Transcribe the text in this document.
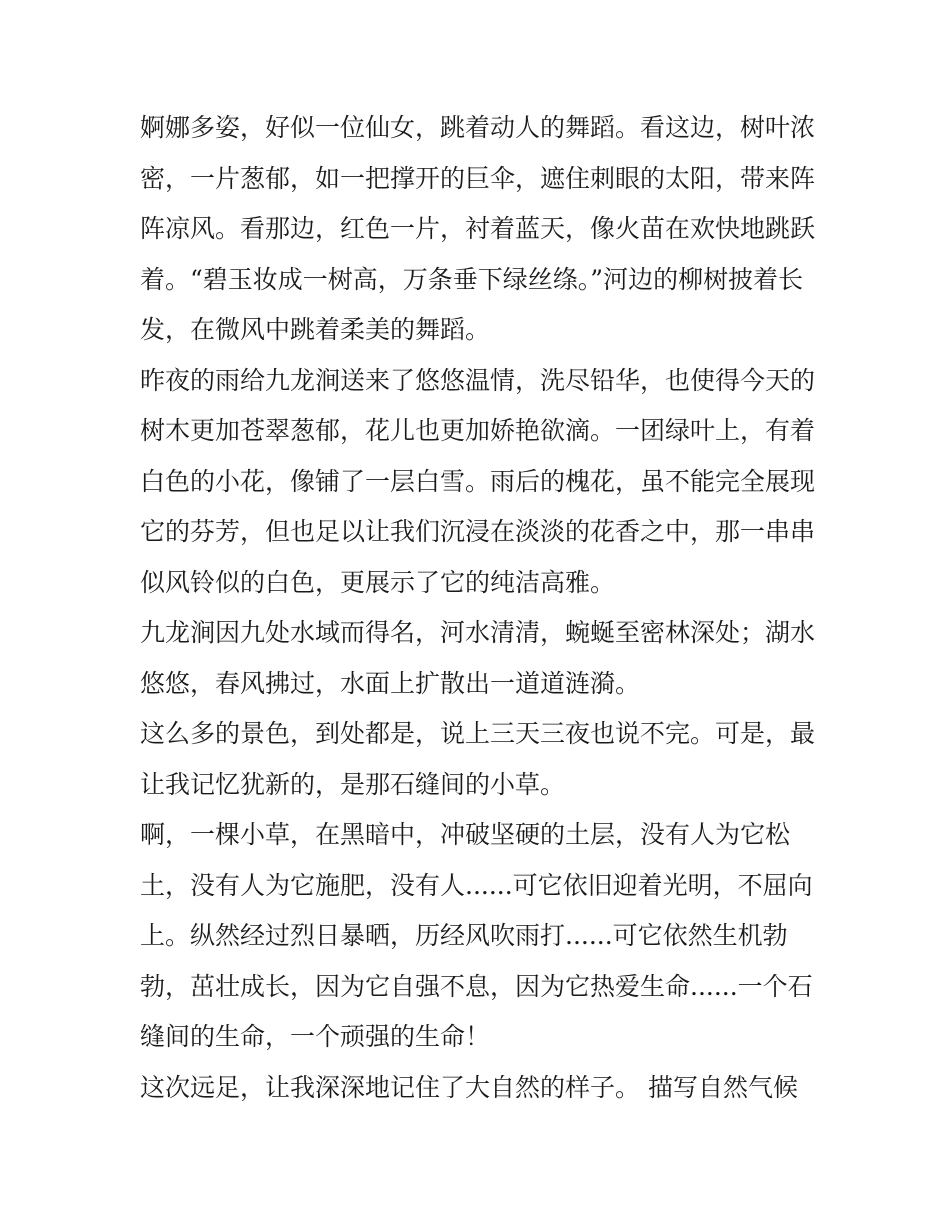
婀娜多姿，好似一位仙女，跳着动人的舞蹈。看这边，树叶浓
密，一片葱郁，如一把撑开的巨伞，遮住刺眼的太阳，带来阵
阵凉风。看那边，红色一片，衬着蓝天，像火苗在欢快地跳跃
着。“碧玉妆成一树高，万条垂下绿丝绦。”河边的柳树披着长
发，在微风中跳着柔美的舞蹈。
昨夜的雨给九龙涧送来了悠悠温情，洗尽铅华，也使得今天的
树木更加苍翠葱郁，花儿也更加娇艳欲滴。一团绿叶上，有着
白色的小花，像铺了一层白雪。雨后的槐花，虽不能完全展现
它的芬芳，但也足以让我们沉浸在淡淡的花香之中，那一串串
似风铃似的白色，更展示了它的纯洁高雅。
九龙涧因九处水域而得名，河水清清，蜿蜒至密林深处；湖水
悠悠，春风拂过，水面上扩散出一道道涟漪。
这么多的景色，到处都是，说上三天三夜也说不完。可是，最
让我记忆犹新的，是那石缝间的小草。
啊，一棵小草，在黑暗中，冲破坚硬的土层，没有人为它松
土，没有人为它施肥，没有人......可它依旧迎着光明，不屈向
上。纵然经过烈日暴晒，历经风吹雨打......可它依然生机勃
勃，茁壮成长，因为它自强不息，因为它热爱生命......一个石
缝间的生命，一个顽强的生命！
这次远足，让我深深地记住了大自然的样子。 描写自然气候
